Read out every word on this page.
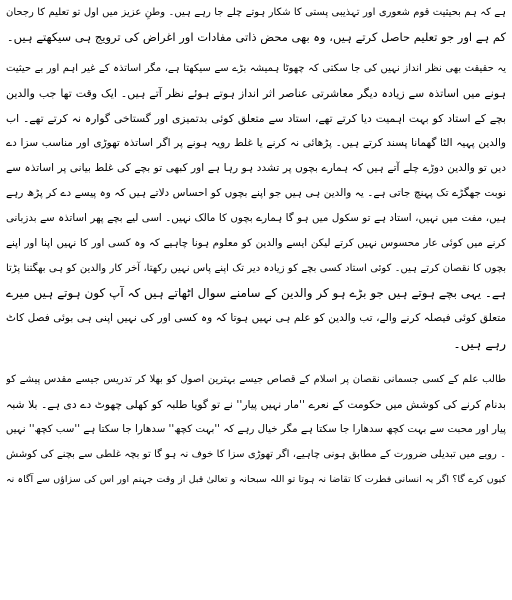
ہے کہ ہم بحیثیت قوم شعوری اور تہذیبی پستی کا شکار ہوتے چلے جا رہے ہیں۔ وطنِ عزیز میں اول تو تعلیم کا رجحان
کم ہے اور جو تعلیم حاصل کرتے ہیں، وہ بھی محض ذاتی مفادات اور اغراض کی ترویج ہی سیکھتے ہیں۔
یہ حقیقت بھی نظر انداز نہیں کی جا سکتی کہ چھوٹا ہمیشہ بڑے سے سیکھتا ہے، مگر اساتذہ کے غیر اہم اور بے حیثیت
ہونے میں اساتذہ سے زیادہ دیگر معاشرتی عناصر اثر انداز ہوتے ہوئے نظر آتے ہیں۔ ایک وقت تھا جب والدین
بچے کے استاد کو بہت اہمیت دیا کرتے تھے، استاد سے متعلق کوئی بدتمیزی اور گستاخی گوارہ نہ کرتے تھے۔ اب
والدین پہیہ الٹا گھمانا پسند کرتے ہیں۔ پڑھائی نہ کرنے یا غلط رویہ ہونے پر اگر اساتذہ تھوڑی اور مناسب سزا دے
دیں تو والدین دوڑے چلے آتے ہیں کہ ہمارے بچوں پر تشدد ہو رہا ہے اور کبھی تو بچے کی غلط بیانی پر اساتذہ سے
نوبت جھگڑے تک پہنچ جاتی ہے۔ یہ والدین ہی ہیں جو اپنے بچوں کو احساس دلاتے ہیں کہ وہ پیسے دے کر پڑھ رہے
ہیں، مفت میں نہیں، استاد ہے تو سکول میں ہو گا ہمارے بچوں کا مالک نہیں۔ اسی لیے بچے پھر اساتذہ سے بدزبانی
کرنے میں کوئی عار محسوس نہیں کرتے لیکن ایسے والدین کو معلوم ہونا چاہیے کہ وہ کسی اور کا نہیں اپنا اور اپنے
بچوں کا نقصان کرتے ہیں۔ کوئی استاد کسی بچے کو زیادہ دیر تک اپنے پاس نہیں رکھتا، آخر کار والدین کو ہی بھگتنا پڑتا
ہے۔ یہی بچے ہوتے ہیں جو بڑے ہو کر والدین کے سامنے سوال اٹھاتے ہیں کہ آپ کون ہوتے ہیں میرے
متعلق کوئی فیصلہ کرنے والے، تب والدین کو علم ہی نہیں ہوتا کہ وہ کسی اور کی نہیں اپنی ہی بوئی فصل کاٹ
رہے ہیں۔
طالب علم کے کسی جسمانی نقصان پر اسلام کے قصاص جیسے بہترین اصول کو بھلا کر تدریس جیسے مقدس پیشے کو
بدنام کرنے کی کوشش میں حکومت کے نعرے ''مار نہیں پیار'' نے تو گویا طلبہ کو کھلی چھوٹ دے دی ہے۔ بلا شبہ
پیار اور محبت سے بہت کچھ سدھارا جا سکتا ہے مگر خیال رہے کہ ''بہت کچھ'' سدھارا جا سکتا ہے ''سب کچھ'' نہیں
۔ رویے میں تبدیلی ضرورت کے مطابق ہونی چاہیے، اگر تھوڑی سزا کا خوف نہ ہو گا تو بچہ غلطی سے بچنے کی کوشش
کیوں کرے گا؟ اگر یہ انسانی فطرت کا تقاضا نہ ہوتا تو اللہ سبحانہ و تعالیٰ قبل از وقت جہنم اور اس کی سزاؤں سے آگاہ نہ
